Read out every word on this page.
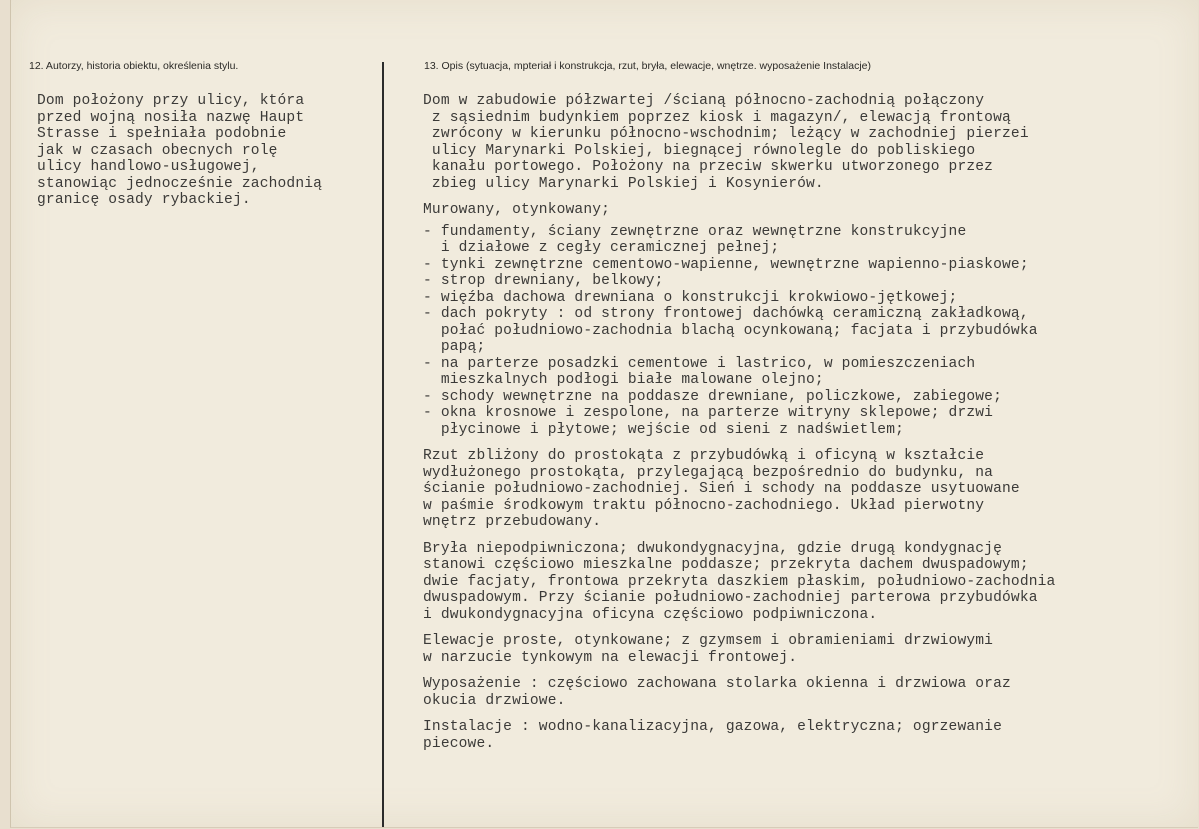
12. Autorzy, historia obiektu, określenia stylu.	13. Opis (sytuacja, mpteriał i konstrukcja, rzut, bryła, elewacje, wnętrze. wyposażenie Instalacje)
Dom położony przy ulicy, która
przed wojną nosiła nazwę Haupt
Strasse i spełniała podobnie
jak w czasach obecnych rolę
ulicy handlowo-usługowej,
stanowiąc jednocześnie zachodnią
granicę osady rybackiej.
Dom w zabudowie półzwartej /ścianą północno-zachodnią połączony
z sąsiednim budynkiem poprzez kiosk i magazyn/, elewacją frontową
zwrócony w kierunku północno-wschodnim; leżący w zachodniej pierzei
ulicy Marynarki Polskiej, biegnącej równolegle do pobliskiego
kanału portowego. Położony na przeciw skwerku utworzonego przez
zbieg ulicy Marynarki Polskiej i Kosynierów.
Murowany, otynkowany;
- fundamenty, ściany zewnętrzne oraz wewnętrzne konstrukcyjne
i działowe z cegły ceramicznej pełnej;
- tynki zewnętrzne cementowo-wapienne, wewnętrzne wapienno-piaskowe;
- strop drewniany, belkowy;
- więźba dachowa drewniana o konstrukcji krokwiowo-jętkowej;
- dach pokryty : od strony frontowej dachówką ceramiczną zakładkową,
połać południowo-zachodnia blachą ocynkowaną; facjata i przybudówka
papą;
- na parterze posadzki cementowe i lastrico, w pomieszczeniach
mieszkalnych podłogi białe malowane olejno;
- schody wewnętrzne na poddasze drewniane, policzkowe, zabiegowe;
- okna krosnowe i zespolone, na parterze witryny sklepowe; drzwi
płycinowe i płytowe; wejście od sieni z nadświetlem;
Rzut zbliżony do prostokąta z przybudówką i oficyną w kształcie
wydłużonego prostokąta, przylegającą bezpośrednio do budynku, na
ścianie południowo-zachodniej. Sień i schody na poddasze usytuowane
w paśmie środkowym traktu północno-zachodniego. Układ pierwotny
wnętrz przebudowany.
Bryła niepodpiwniczona; dwukondygnacyjna, gdzie drugą kondygnację
stanowi częściowo mieszkalne poddasze; przekryta dachem dwuspadowym;
dwie facjaty, frontowa przekryta daszkiem płaskim, południowo-zachodnia
dwuspadowym. Przy ścianie południowo-zachodniej parterowa przybudówka
i dwukondygnacyjna oficyna częściowo podpiwniczona.
Elewacje proste, otynkowane; z gzymsem i obramieniami drzwiowymi
w narzucie tynkowym na elewacji frontowej.
Wyposażenie : częściowo zachowana stolarka okienna i drzwiowa oraz
okucia drzwiowe.
Instalacje : wodno-kanalizacyjna, gazowa, elektryczna; ogrzewanie
piecowe.
